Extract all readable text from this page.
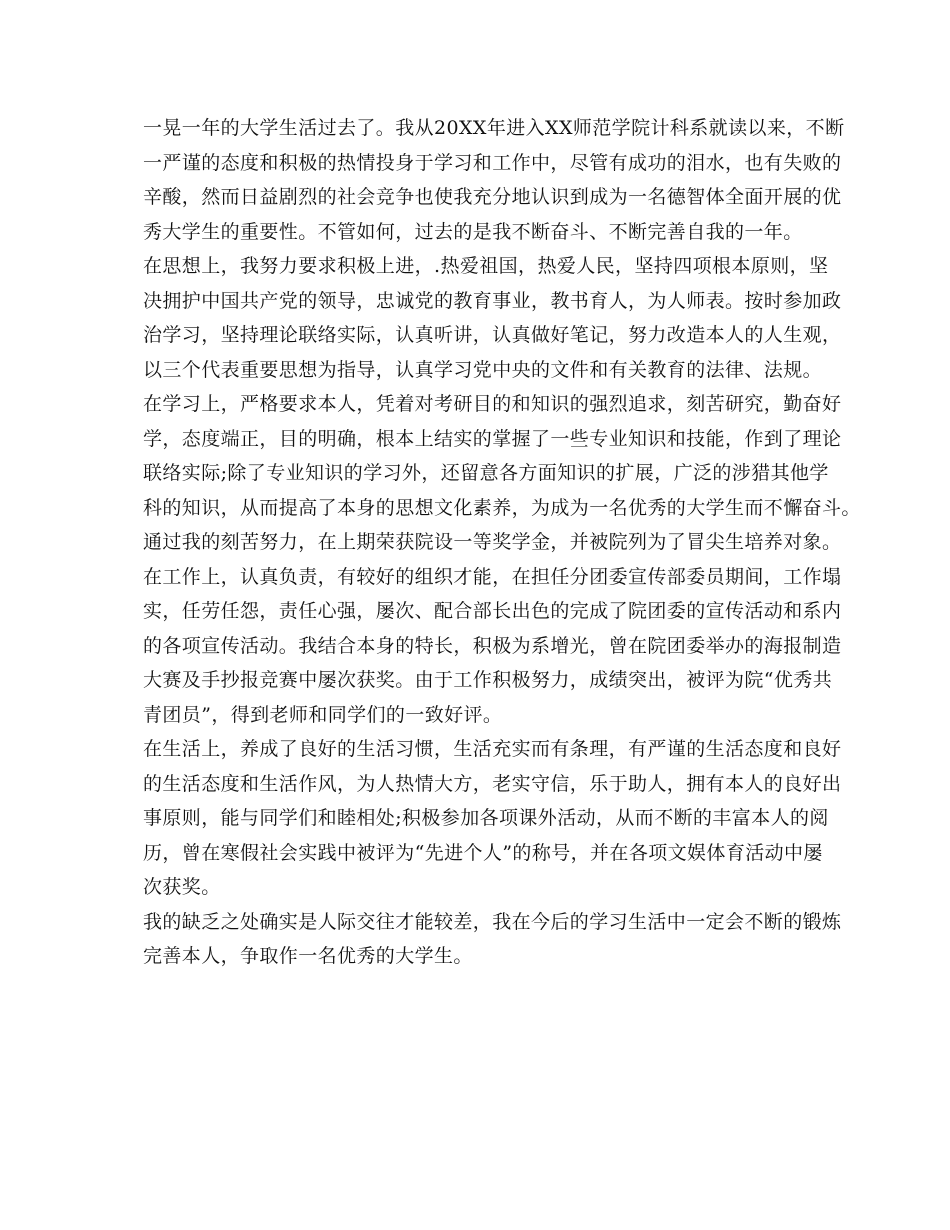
一晃一年的大学生活过去了。我从20XX年进入XX师范学院计科系就读以来，不断
一严谨的态度和积极的热情投身于学习和工作中，尽管有成功的泪水，也有失败的
辛酸，然而日益剧烈的社会竞争也使我充分地认识到成为一名德智体全面开展的优
秀大学生的重要性。不管如何，过去的是我不断奋斗、不断完善自我的一年。
在思想上，我努力要求积极上进，.热爱祖国，热爱人民，坚持四项根本原则，坚
决拥护中国共产党的领导，忠诚党的教育事业，教书育人，为人师表。按时参加政
治学习，坚持理论联络实际，认真听讲，认真做好笔记，努力改造本人的人生观，
以三个代表重要思想为指导，认真学习党中央的文件和有关教育的法律、法规。
在学习上，严格要求本人，凭着对考研目的和知识的强烈追求，刻苦研究，勤奋好
学，态度端正，目的明确，根本上结实的掌握了一些专业知识和技能，作到了理论
联络实际;除了专业知识的学习外，还留意各方面知识的扩展，广泛的涉猎其他学
科的知识，从而提高了本身的思想文化素养，为成为一名优秀的大学生而不懈奋斗。
通过我的刻苦努力，在上期荣获院设一等奖学金，并被院列为了冒尖生培养对象。
在工作上，认真负责，有较好的组织才能，在担任分团委宣传部委员期间，工作塌
实，任劳任怨，责任心强，屡次、配合部长出色的完成了院团委的宣传活动和系内
的各项宣传活动。我结合本身的特长，积极为系增光，曾在院团委举办的海报制造
大赛及手抄报竞赛中屡次获奖。由于工作积极努力，成绩突出，被评为院“优秀共
青团员”，得到老师和同学们的一致好评。
在生活上，养成了良好的生活习惯，生活充实而有条理，有严谨的生活态度和良好
的生活态度和生活作风，为人热情大方，老实守信，乐于助人，拥有本人的良好出
事原则，能与同学们和睦相处;积极参加各项课外活动，从而不断的丰富本人的阅
历，曾在寒假社会实践中被评为“先进个人”的称号，并在各项文娱体育活动中屡
次获奖。
我的缺乏之处确实是人际交往才能较差，我在今后的学习生活中一定会不断的锻炼
完善本人，争取作一名优秀的大学生。
